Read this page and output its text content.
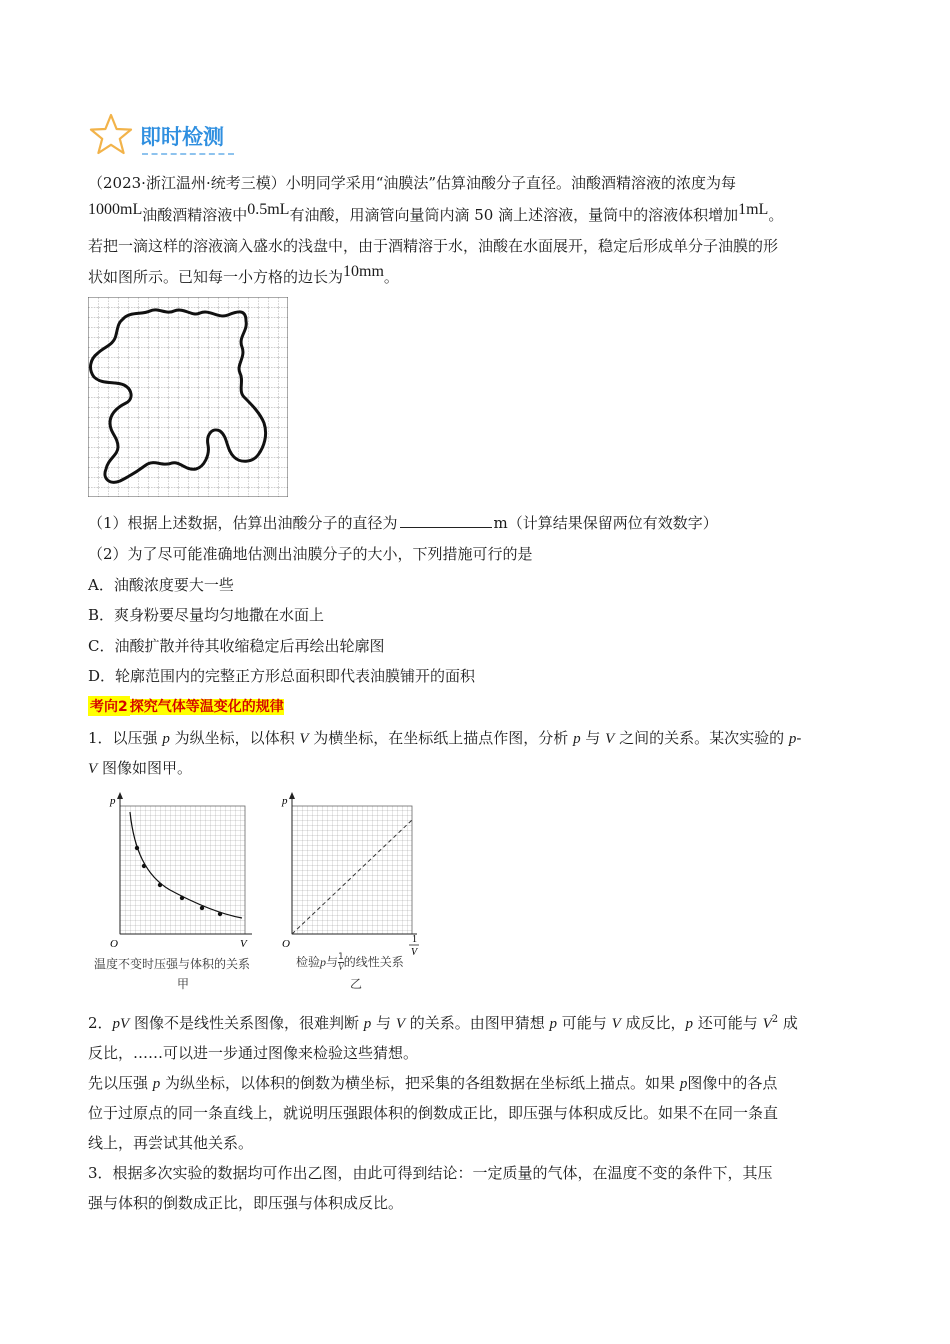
即时检测
（2023·浙江温州·统考三模）小明同学采用“油膜法”估算油酸分子直径。油酸酒精溶液的浓度为每
1000mL油酸酒精溶液中0.5mL有油酸，用滴管向量筒内滴 50 滴上述溶液，量筒中的溶液体积增加1mL。
若把一滴这样的溶液滴入盛水的浅盘中，由于酒精溶于水，油酸在水面展开，稳定后形成单分子油膜的形
状如图所示。已知每一小方格的边长为10mm。
（1）根据上述数据，估算出油酸分子的直径为	m（计算结果保留两位有效数字）
（2）为了尽可能准确地估测出油膜分子的大小，下列措施可行的是
A．油酸浓度要大一些
B．爽身粉要尽量均匀地撒在水面上
C．油酸扩散并待其收缩稳定后再绘出轮廓图
D．轮廓范围内的完整正方形总面积即代表油膜铺开的面积
考向2 探究气体等温变化的规律
1．以压强 p 为纵坐标，以体积 V 为横坐标，在坐标纸上描点作图，分析 p 与 V 之间的关系。某次实验的 p-
V 图像如图甲。
p
V
O
温度不变时压强与体积的关系
甲
p
O	1
V
检验p与 $\frac{1}{V}$ 的线性关系
乙
2．pV 图像不是线性关系图像，很难判断 p 与 V 的关系。由图甲猜想 p 可能与 V 成反比，p 还可能与 $V^2$ 成
反比，……可以进一步通过图像来检验这些猜想。
先以压强 p 为纵坐标，以体积的倒数为横坐标，把采集的各组数据在坐标纸上描点。如果 p图像中的各点
位于过原点的同一条直线上，就说明压强跟体积的倒数成正比，即压强与体积成反比。如果不在同一条直
线上，再尝试其他关系。
3．根据多次实验的数据均可作出乙图，由此可得到结论：一定质量的气体，在温度不变的条件下，其压
强与体积的倒数成正比，即压强与体积成反比。
